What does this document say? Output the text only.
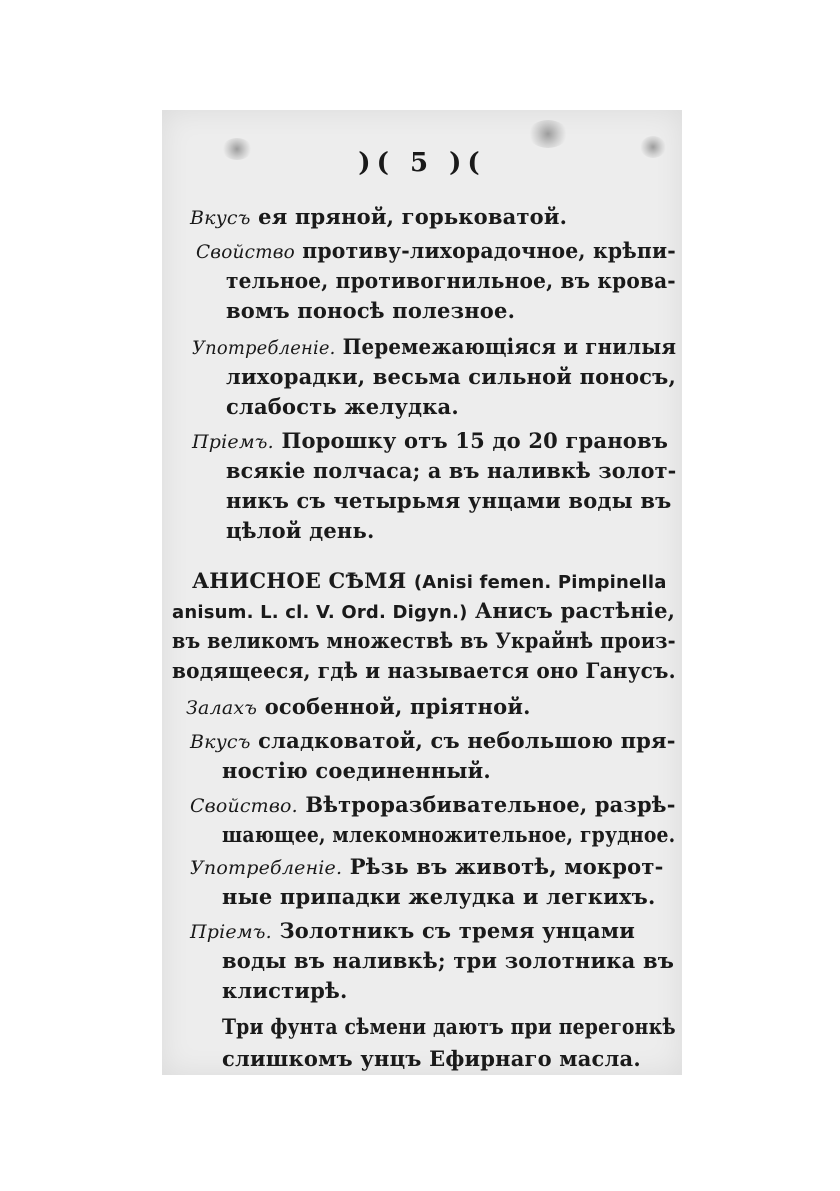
)( 5 )(
Вкусъ ея пряной, горьковатой.
Свойство противу-лихорадочное, крѣпи-
тельное, противогнильное, въ крова-
вомъ поносѣ полезное.
Употребленіе. Перемежающіяся и гнилыя
лихорадки, весьма сильной поносъ,
слабость желудка.
Пріемъ. Порошку отъ 15 до 20 грановъ
всякіе полчаса; а въ наливкѣ золот-
никъ съ четырьмя унцами воды въ
цѣлой день.
АНИСНОЕ СѢМЯ (Anisi femen. Pimpinella
anisum. L. cl. V. Ord. Digyn.) Анисъ растѣніе,
въ великомъ множествѣ въ Украйнѣ произ-
водящееся, гдѣ и называется оно Ганусъ.
Залахъ особенной, пріятной.
Вкусъ сладковатой, съ небольшою пря-
ностію соединенный.
Свойство. Вѣтроразбивательное, разрѣ-
шающее, млекомножительное, грудное.
Употребленіе. Рѣзь въ животѣ, мокрот-
ные припадки желудка и легкихъ.
Пріемъ. Золотникъ съ тремя унцами
воды въ наливкѣ; три золотника въ
клистирѣ.
Три фунта сѣмени даютъ при перегонкѣ
слишкомъ унцъ Ефирнаго масла.
